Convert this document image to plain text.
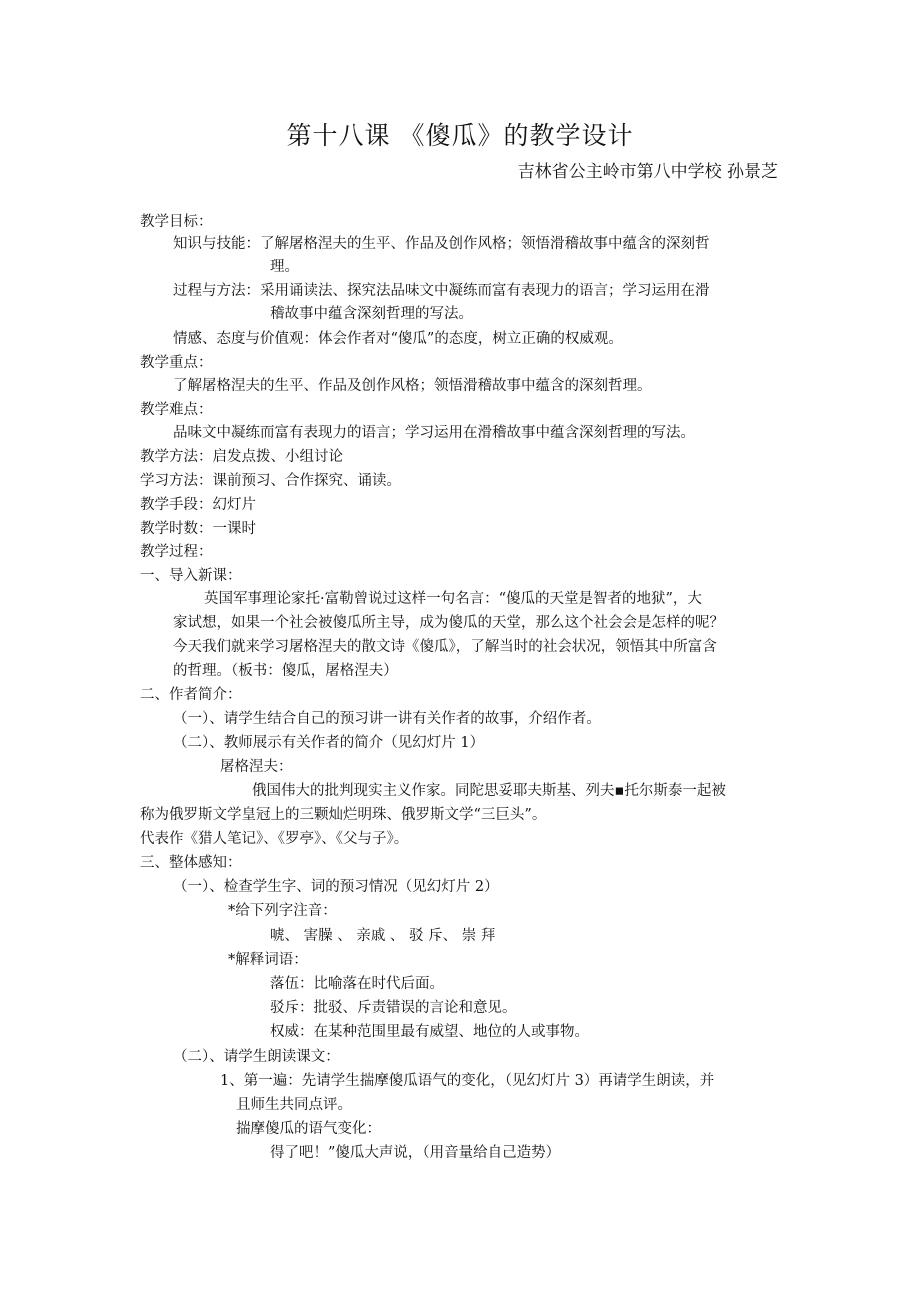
第十八课 《傻瓜》的教学设计
吉林省公主岭市第八中学校 孙景芝
教学目标：
知识与技能：了解屠格涅夫的生平、作品及创作风格；领悟滑稽故事中蕴含的深刻哲
理。
过程与方法：采用诵读法、探究法品味文中凝练而富有表现力的语言；学习运用在滑
稽故事中蕴含深刻哲理的写法。
情感、态度与价值观：体会作者对“傻瓜”的态度，树立正确的权威观。
教学重点：
了解屠格涅夫的生平、作品及创作风格；领悟滑稽故事中蕴含的深刻哲理。
教学难点：
品味文中凝练而富有表现力的语言；学习运用在滑稽故事中蕴含深刻哲理的写法。
教学方法：启发点拨、小组讨论
学习方法：课前预习、合作探究、诵读。
教学手段：幻灯片
教学时数：一课时
教学过程：
一、导入新课：
英国军事理论家托·富勒曾说过这样一句名言：“傻瓜的天堂是智者的地狱”，大
家试想，如果一个社会被傻瓜所主导，成为傻瓜的天堂，那么这个社会会是怎样的呢？
今天我们就来学习屠格涅夫的散文诗《傻瓜》，了解当时的社会状况，领悟其中所富含
的哲理。（板书：傻瓜，屠格涅夫）
二、作者简介：
（一）、请学生结合自己的预习讲一讲有关作者的故事，介绍作者。
（二）、教师展示有关作者的简介（见幻灯片 1）
屠格涅夫：
俄国伟大的批判现实主义作家。同陀思妥耶夫斯基、列夫▪托尔斯泰一起被
称为俄罗斯文学皇冠上的三颗灿烂明珠、俄罗斯文学“三巨头”。
代表作《猎人笔记》、《罗亭》、《父与子》。
三、整体感知：
（一）、检查学生字、词的预习情况（见幻灯片 2）
*给下列字注音：
唬、 害臊 、 亲戚 、 驳 斥、 崇 拜
*解释词语：
落伍：比喻落在时代后面。
驳斥：批驳、斥责错误的言论和意见。
权威：在某种范围里最有威望、地位的人或事物。
（二）、请学生朗读课文：
1、第一遍：先请学生揣摩傻瓜语气的变化，（见幻灯片 3）再请学生朗读，并
且师生共同点评。
揣摩傻瓜的语气变化：
得了吧！”傻瓜大声说，（用音量给自己造势）
